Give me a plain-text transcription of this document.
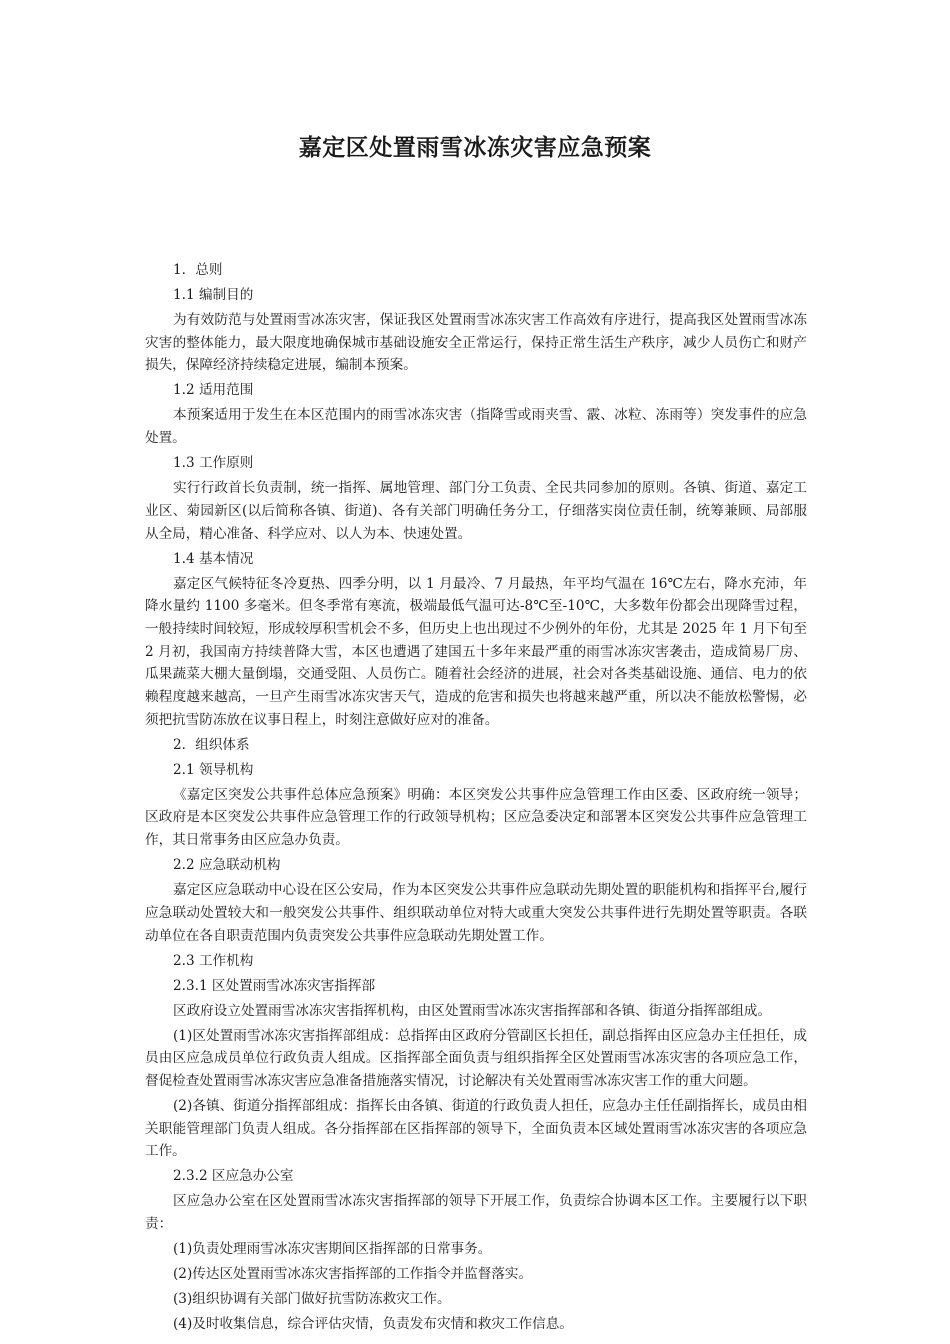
嘉定区处置雨雪冰冻灾害应急预案

1．总则

1.1 编制目的

为有效防范与处置雨雪冰冻灾害，保证我区处置雨雪冰冻灾害工作高效有序进行，提高我区处置雨雪冰冻灾害的整体能力，最大限度地确保城市基础设施安全正常运行，保持正常生活生产秩序，减少人员伤亡和财产损失，保障经济持续稳定进展，编制本预案。

1.2 适用范围

本预案适用于发生在本区范围内的雨雪冰冻灾害（指降雪或雨夹雪、霰、冰粒、冻雨等）突发事件的应急处置。

1.3 工作原则

实行行政首长负责制，统一指挥、属地管理、部门分工负责、全民共同参加的原则。各镇、街道、嘉定工业区、菊园新区(以后简称各镇、街道)、各有关部门明确任务分工，仔细落实岗位责任制，统筹兼顾、局部服从全局，精心准备、科学应对、以人为本、快速处置。

1.4 基本情况

嘉定区气候特征冬冷夏热、四季分明，以 1 月最冷、7 月最热，年平均气温在 16℃左右，降水充沛，年降水量约 1100 多毫米。但冬季常有寒流，极端最低气温可达-8℃至-10℃，大多数年份都会出现降雪过程，一般持续时间较短，形成较厚积雪机会不多，但历史上也出现过不少例外的年份，尤其是 2025 年 1 月下旬至 2 月初，我国南方持续普降大雪，本区也遭遇了建国五十多年来最严重的雨雪冰冻灾害袭击，造成简易厂房、瓜果蔬菜大棚大量倒塌，交通受阻、人员伤亡。随着社会经济的进展，社会对各类基础设施、通信、电力的依赖程度越来越高，一旦产生雨雪冰冻灾害天气，造成的危害和损失也将越来越严重，所以决不能放松警惕，必须把抗雪防冻放在议事日程上，时刻注意做好应对的准备。

2．组织体系

2.1 领导机构

《嘉定区突发公共事件总体应急预案》明确：本区突发公共事件应急管理工作由区委、区政府统一领导；区政府是本区突发公共事件应急管理工作的行政领导机构；区应急委决定和部署本区突发公共事件应急管理工作，其日常事务由区应急办负责。

2.2 应急联动机构

嘉定区应急联动中心设在区公安局，作为本区突发公共事件应急联动先期处置的职能机构和指挥平台,履行应急联动处置较大和一般突发公共事件、组织联动单位对特大或重大突发公共事件进行先期处置等职责。各联动单位在各自职责范围内负责突发公共事件应急联动先期处置工作。

2.3 工作机构

2.3.1 区处置雨雪冰冻灾害指挥部

区政府设立处置雨雪冰冻灾害指挥机构，由区处置雨雪冰冻灾害指挥部和各镇、街道分指挥部组成。

(1)区处置雨雪冰冻灾害指挥部组成：总指挥由区政府分管副区长担任，副总指挥由区应急办主任担任，成员由区应急成员单位行政负责人组成。区指挥部全面负责与组织指挥全区处置雨雪冰冻灾害的各项应急工作，督促检查处置雨雪冰冻灾害应急准备措施落实情况，讨论解决有关处置雨雪冰冻灾害工作的重大问题。

(2)各镇、街道分指挥部组成：指挥长由各镇、街道的行政负责人担任，应急办主任任副指挥长，成员由相关职能管理部门负责人组成。各分指挥部在区指挥部的领导下，全面负责本区域处置雨雪冰冻灾害的各项应急工作。

2.3.2 区应急办公室

区应急办公室在区处置雨雪冰冻灾害指挥部的领导下开展工作，负责综合协调本区工作。主要履行以下职责：

(1)负责处理雨雪冰冻灾害期间区指挥部的日常事务。

(2)传达区处置雨雪冰冻灾害指挥部的工作指令并监督落实。

(3)组织协调有关部门做好抗雪防冻救灾工作。

(4)及时收集信息，综合评估灾情，负责发布灾情和救灾工作信息。
